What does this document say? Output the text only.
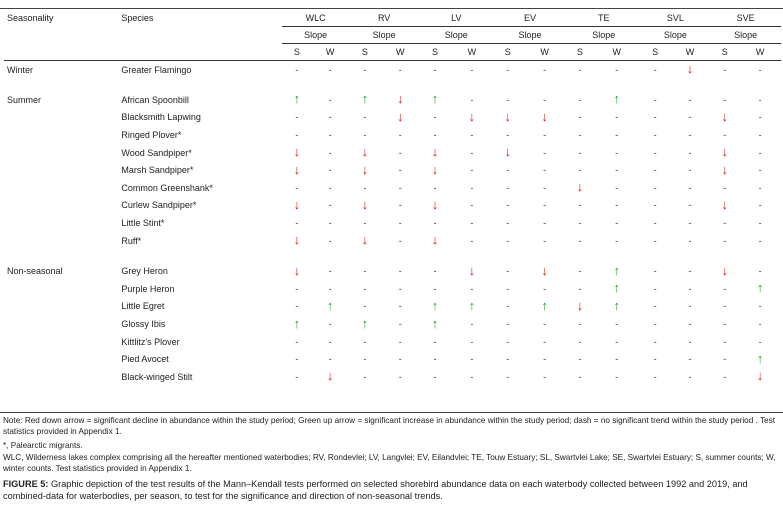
Seasonality	Species	WLC		RV		LV		EV		TE		SVL		SVE	
		Slope		Slope		Slope		Slope		Slope		Slope		Slope	
		S	W	S	W	S	W	S	W	S	W	S	W	S	W
Winter	Greater Flamingo	-	-	-	-	-	-	-	-	-	-	-	↓	-	-

Summer	African Spoonbill	↑	-	↑	↓	↑	-	-	-	-	↑	-	-	-	-
	Blacksmith Lapwing	-	-	-	↓	-	↓	↓	↓	-	-	-	-	↓	-
	Ringed Plover*	-	-	-	-	-	-	-	-	-	-	-	-	-	-
	Wood Sandpiper*	↓	-	↓	-	↓	-	↓	-	-	-	-	-	↓	-
	Marsh Sandpiper*	↓	-	↓	-	↓	-	-	-	-	-	-	-	↓	-
	Common Greenshank*	-	-	-	-	-	-	-	-	↓	-	-	-	-	-
	Curlew Sandpiper*	↓	-	↓	-	↓	-	-	-	-	-	-	-	↓	-
	Little Stint*	-	-	-	-	-	-	-	-	-	-	-	-	-	-
	Ruff*	↓	-	↓	-	↓	-	-	-	-	-	-	-	-	-

Non-seasonal	Grey Heron	↓	-	-	-	-	↓	-	↓	-	↑	-	-	↓	-
	Purple Heron	-	-	-	-	-	-	-	-	-	↑	-	-	-	↑
	Little Egret	-	↑	-	-	↑	↑	-	↑	↓	↑	-	-	-	-
	Glossy Ibis	↑	-	↑	-	↑	-	-	-	-	-	-	-	-	-
	Kittlitz's Plover	-	-	-	-	-	-	-	-	-	-	-	-	-	-
	Pied Avocet	-	-	-	-	-	-	-	-	-	-	-	-	-	↑
	Black-winged Stilt	-	↓	-	-	-	-	-	-	-	-	-	-	-	↓
Note: Red down arrow = significant decline in abundance within the study period; Green up arrow = significant increase in abundance within the study period; dash = no significant trend within the study period . Test statistics provided in Appendix 1.
*, Palearctic migrants.
WLC, Wilderness lakes complex comprising all the hereafter mentioned waterbodies; RV, Rondevlei; LV, Langvlei; EV, Eilandvlei; TE, Touw Estuary; SL, Swartvlei Lake; SE, Swartvlei Estuary; S, summer counts; W, winter counts. Test statistics provided in Appendix 1.
FIGURE 5: Graphic depiction of the test results of the Mann–Kendall tests performed on selected shorebird abundance data on each waterbody collected between 1992 and 2019, and combined-data for waterbodies, per season, to test for the significance and direction of non-seasonal trends.
